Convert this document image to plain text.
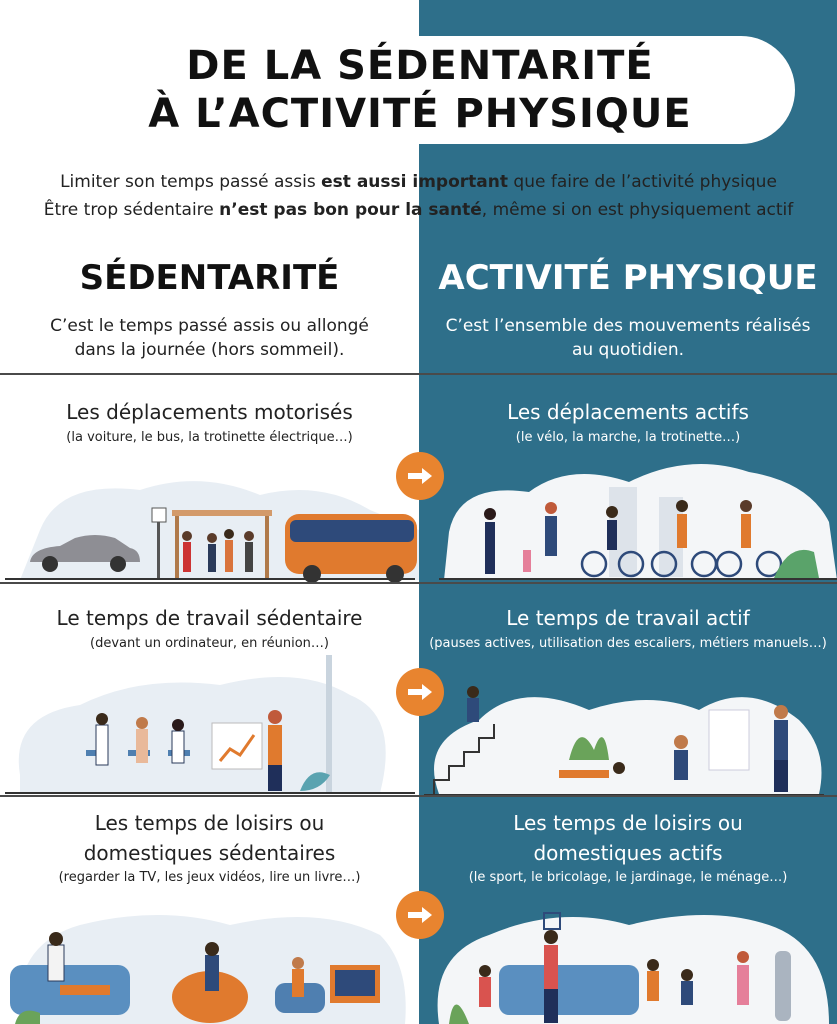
DE LA SÉDENTARITÉ
À L’ACTIVITÉ PHYSIQUE
Limiter son temps passé assis est aussi important que faire de l’activité physique
Être trop sédentaire n’est pas bon pour la santé, même si on est physiquement actif
SÉDENTARITÉ	ACTIVITÉ PHYSIQUE
C’est le temps passé assis ou allongé
dans la journée (hors sommeil).
C’est l’ensemble des mouvements réalisés
au quotidien.
Les déplacements motorisés
(la voiture, le bus, la trotinette électrique…)
Les déplacements actifs
(le vélo, la marche, la trotinette…)
Le temps de travail sédentaire
(devant un ordinateur, en réunion…)
Le temps de travail actif
(pauses actives, utilisation des escaliers, métiers manuels…)
Les temps de loisirs ou
domestiques sédentaires
(regarder la TV, les jeux vidéos, lire un livre…)
Les temps de loisirs ou
domestiques actifs
(le sport, le bricolage, le jardinage, le ménage…)
